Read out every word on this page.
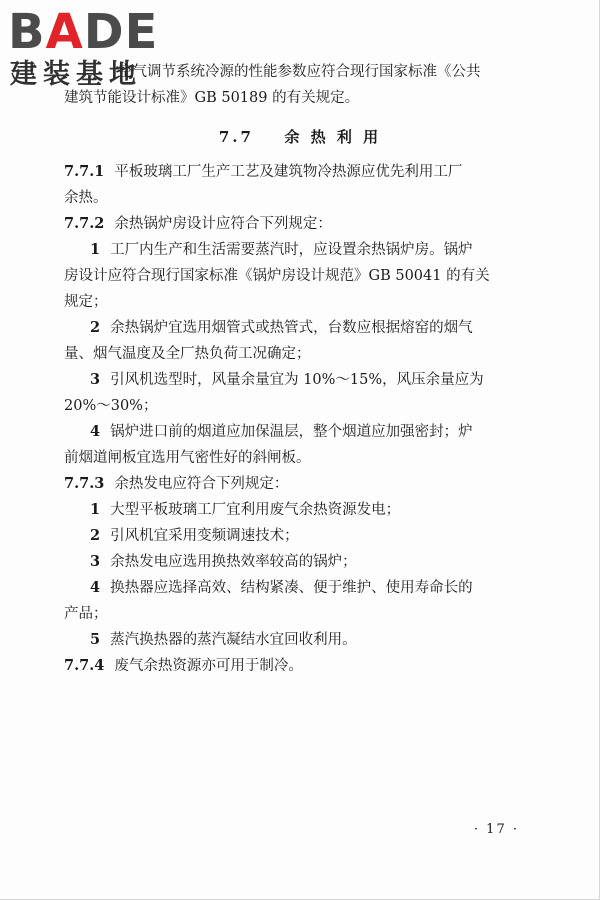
BADE
建装基地
空气调节系统冷源的性能参数应符合现行国家标准《公共
建筑节能设计标准》GB 50189 的有关规定。
7.7 余 热 利 用
7.7.1 平板玻璃工厂生产工艺及建筑物冷热源应优先利用工厂
余热。
7.7.2 余热锅炉房设计应符合下列规定：
1 工厂内生产和生活需要蒸汽时，应设置余热锅炉房。锅炉
房设计应符合现行国家标准《锅炉房设计规范》GB 50041 的有关
规定；
2 余热锅炉宜选用烟管式或热管式，台数应根据熔窑的烟气
量、烟气温度及全厂热负荷工况确定；
3 引风机选型时，风量余量宜为 10%～15%，风压余量应为
20%～30%；
4 锅炉进口前的烟道应加保温层，整个烟道应加强密封；炉
前烟道闸板宜选用气密性好的斜闸板。
7.7.3 余热发电应符合下列规定：
1 大型平板玻璃工厂宜利用废气余热资源发电；
2 引风机宜采用变频调速技术；
3 余热发电应选用换热效率较高的锅炉；
4 换热器应选择高效、结构紧凑、便于维护、使用寿命长的
产品；
5 蒸汽换热器的蒸汽凝结水宜回收利用。
7.7.4 废气余热资源亦可用于制冷。
· 17 ·
